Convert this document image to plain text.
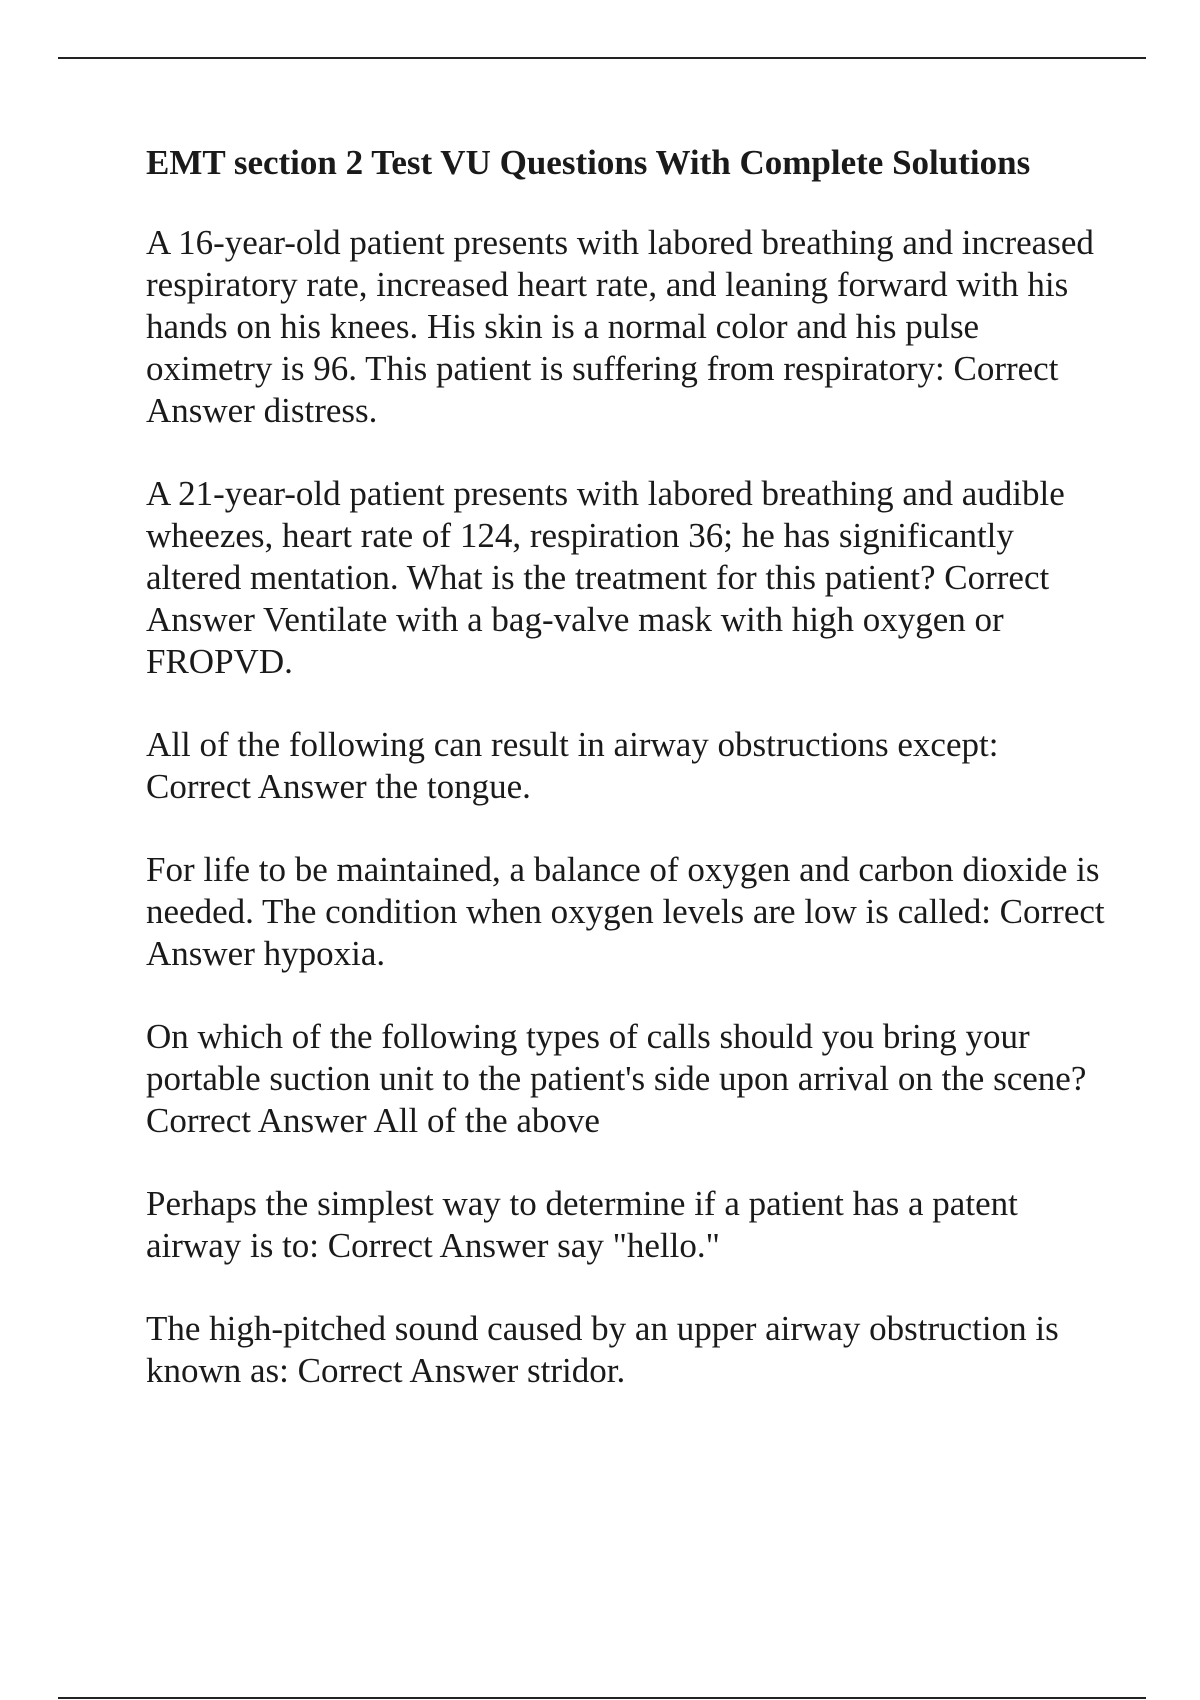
EMT section 2 Test VU Questions With Complete Solutions

A 16-year-old patient presents with labored breathing and increased respiratory rate, increased heart rate, and leaning forward with his hands on his knees. His skin is a normal color and his pulse oximetry is 96. This patient is suffering from respiratory: Correct Answer distress.

A 21-year-old patient presents with labored breathing and audible wheezes, heart rate of 124, respiration 36; he has significantly altered mentation. What is the treatment for this patient? Correct Answer Ventilate with a bag-valve mask with high oxygen or FROPVD.

All of the following can result in airway obstructions except: Correct Answer the tongue.

For life to be maintained, a balance of oxygen and carbon dioxide is needed. The condition when oxygen levels are low is called: Correct Answer hypoxia.

On which of the following types of calls should you bring your portable suction unit to the patient's side upon arrival on the scene? Correct Answer All of the above

Perhaps the simplest way to determine if a patient has a patent airway is to: Correct Answer say "hello."

The high-pitched sound caused by an upper airway obstruction is known as: Correct Answer stridor.
